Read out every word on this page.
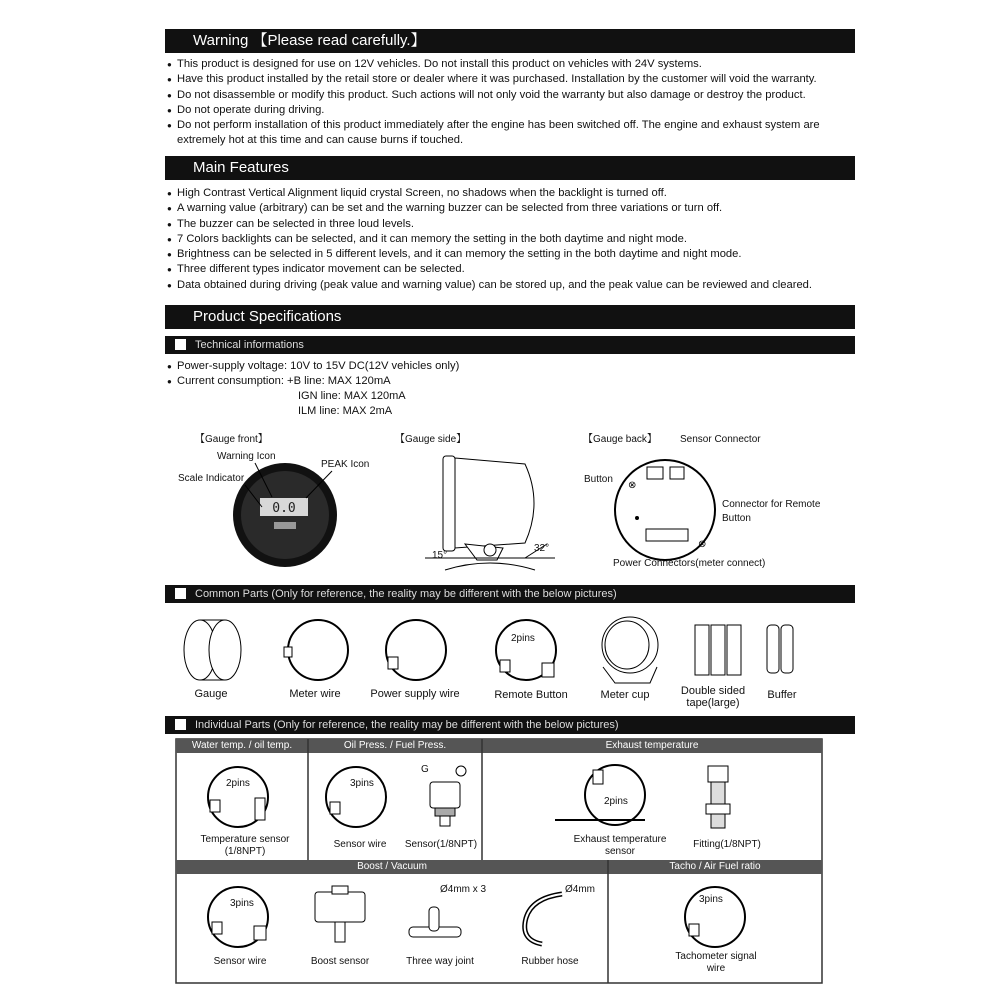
Warning 【Please read carefully.】
● This product is designed for use on 12V vehicles. Do not install this product on vehicles with 24V systems.
● Have this product installed by the retail store or dealer where it was purchased. Installation by the customer will void the warranty.
● Do not disassemble or modify this product. Such actions will not only void the warranty but also damage or destroy the product.
● Do not operate during driving.
● Do not perform installation of this product immediately after the engine has been switched off. The engine and exhaust system are extremely hot at this time and can cause burns if touched.
Main Features
● High Contrast Vertical Alignment liquid crystal Screen, no shadows when the backlight is turned off.
● A warning value (arbitrary) can be set and the warning buzzer can be selected from three variations or turn off.
● The buzzer can be selected in three loud levels.
● 7 Colors backlights can be selected, and it can memory the setting in the both daytime and night mode.
● Brightness can be selected in 5 different levels, and it can memory the setting in the both daytime and night mode.
● Three different types indicator movement can be selected.
● Data obtained during driving (peak value and warning value) can be stored up, and the peak value can be reviewed and cleared.
Product Specifications
Technical informations
● Power-supply voltage: 10V to 15V DC(12V vehicles only)
● Current consumption: +B line: MAX 120mA
IGN line: MAX 120mA
ILM line: MAX 2mA
【Gauge front】	【Gauge side】	【Gauge back】
0.0
Warning Icon
PEAK Icon
Scale Indicator
15°
32°
⊗
⊗
Sensor Connector
Button
Connector for Remote Button
Power Connectors(meter connect)
Common Parts (Only for reference, the reality may be different with the below pictures)
2pins
Gauge	Meter wire	Power supply wire	Remote Button	Meter cup	Double sided tape(large)
Buffer
Individual Parts (Only for reference, the reality may be different with the below pictures)
Water temp. / oil temp.	Oil Press. / Fuel Press.	Exhaust temperature
Boost / Vacuum	Tacho / Air Fuel ratio
2pins	3pins
G
2pins
Temperature sensor (1/8NPT)
Sensor wire	Sensor(1/8NPT)	Exhaust temperature sensor
Fitting(1/8NPT)
3pins	3pins
Ø4mm x 3	Ø4mm
Sensor wire	Boost sensor	Three way joint	Rubber hose	Tachometer signal wire
